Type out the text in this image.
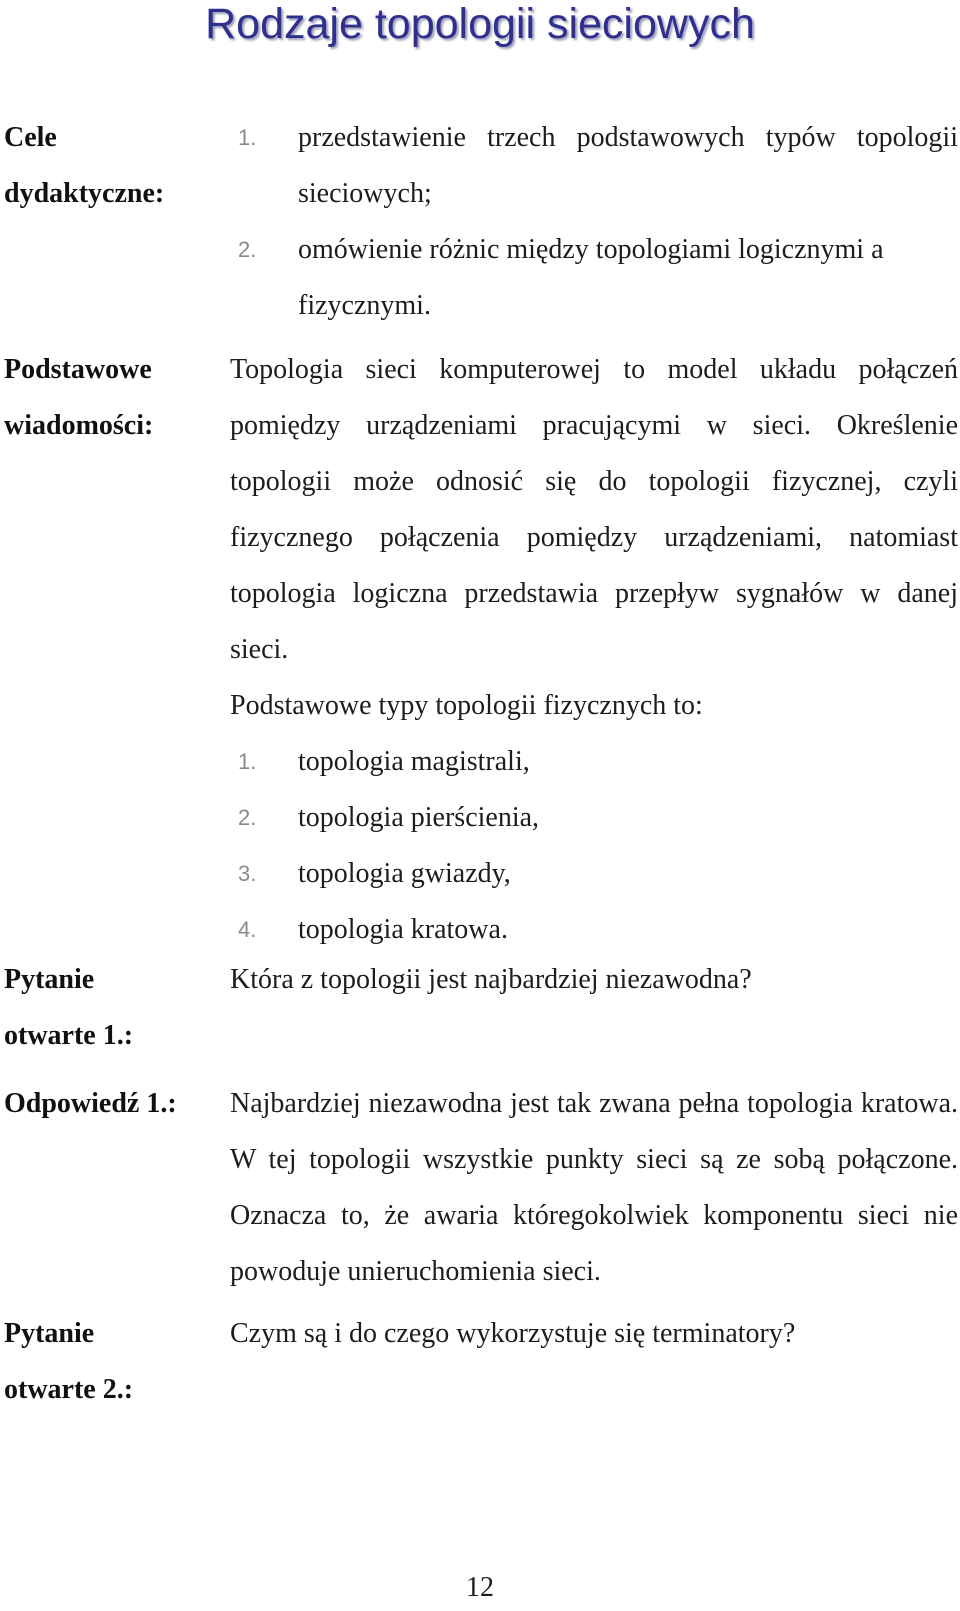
Rodzaje topologii sieciowych
Cele
dydaktyczne:
1. przedstawienie trzech podstawowych typów topologii sieciowych;
2. omówienie różnic między topologiami logicznymi a fizycznymi.
Podstawowe
wiadomości:

Topologia sieci komputerowej to model układu połączeń pomiędzy urządzeniami pracującymi w sieci. Określenie topologii może odnosić się do topologii fizycznej, czyli fizycznego połączenia pomiędzy urządzeniami, natomiast topologia logiczna przedstawia przepływ sygnałów w danej sieci.

Podstawowe typy topologii fizycznych to:

1. topologia magistrali,
2. topologia pierścienia,
3. topologia gwiazdy,
4. topologia kratowa.
Pytanie
otwarte 1.:

Która z topologii jest najbardziej niezawodna?

Odpowiedź 1.:	Najbardziej niezawodna jest tak zwana pełna topologia kratowa. W tej topologii wszystkie punkty sieci są ze sobą połączone. Oznacza to, że awaria któregokolwiek komponentu sieci nie powoduje unieruchomienia sieci.

Pytanie
otwarte 2.:

Czym są i do czego wykorzystuje się terminatory?

12
